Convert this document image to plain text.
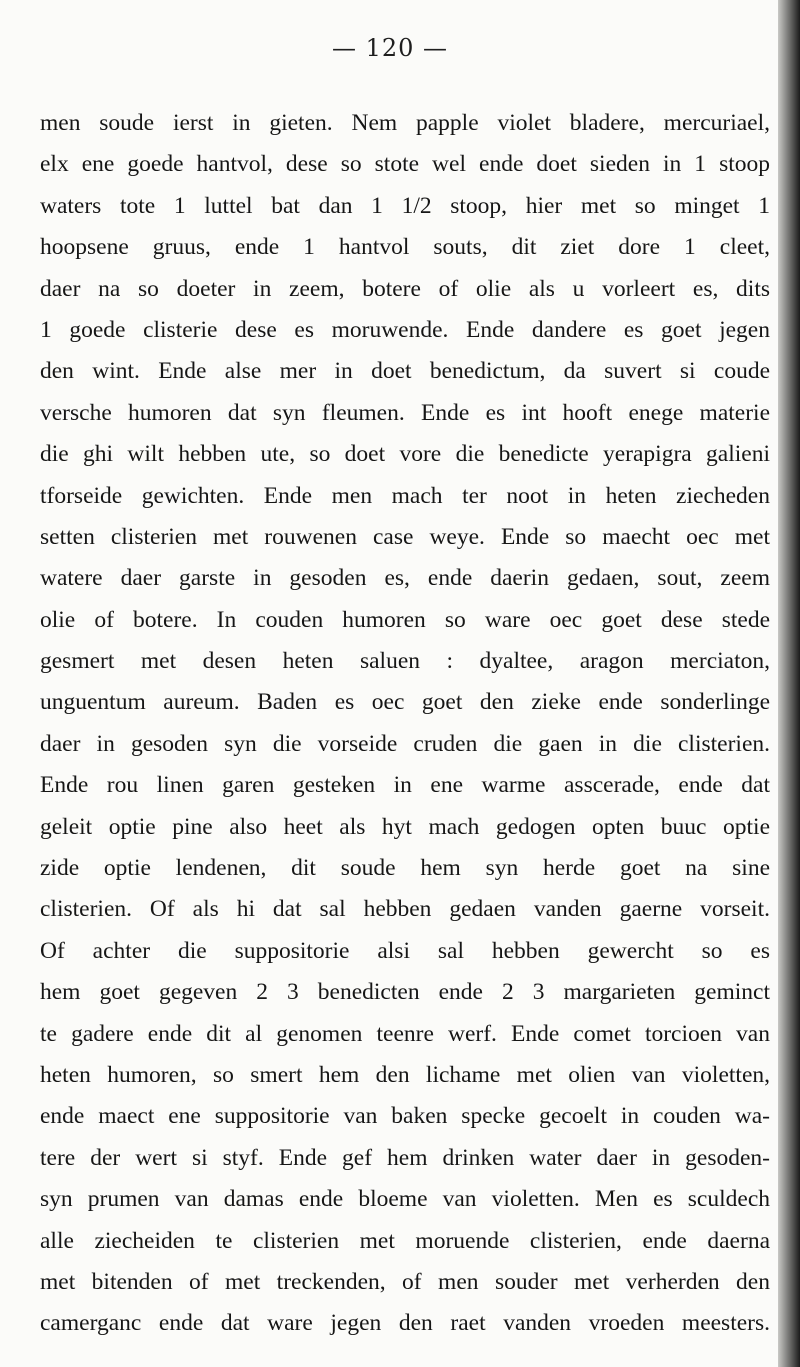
— 120 —
men soude ierst in gieten. Nem papple violet bladere, mercuriael,
elx ene goede hantvol, dese so stote wel ende doet sieden in 1 stoop
waters tote 1 luttel bat dan 1 1/2 stoop, hier met so minget 1
hoopsene gruus, ende 1 hantvol souts, dit ziet dore 1 cleet,
daer na so doeter in zeem, botere of olie als u vorleert es, dits
1 goede clisterie dese es moruwende. Ende dandere es goet jegen
den wint. Ende alse mer in doet benedictum, da suvert si coude
versche humoren dat syn fleumen. Ende es int hooft enege materie
die ghi wilt hebben ute, so doet vore die benedicte yerapigra galieni
tforseide gewichten. Ende men mach ter noot in heten ziecheden
setten clisterien met rouwenen case weye. Ende so maecht oec met
watere daer garste in gesoden es, ende daerin gedaen, sout, zeem
olie of botere. In couden humoren so ware oec goet dese stede
gesmert met desen heten saluen : dyaltee, aragon merciaton,
unguentum aureum. Baden es oec goet den zieke ende sonderlinge
daer in gesoden syn die vorseide cruden die gaen in die clisterien.
Ende rou linen garen gesteken in ene warme asscerade, ende dat
geleit optie pine also heet als hyt mach gedogen opten buuc optie
zide optie lendenen, dit soude hem syn herde goet na sine
clisterien. Of als hi dat sal hebben gedaen vanden gaerne vorseit.
Of achter die suppositorie alsi sal hebben gewercht so es
hem goet gegeven 2 3 benedicten ende 2 3 margarieten geminct
te gadere ende dit al genomen teenre werf. Ende comet torcioen van
heten humoren, so smert hem den lichame met olien van violetten,
ende maect ene suppositorie van baken specke gecoelt in couden wa-
tere der wert si styf. Ende gef hem drinken water daer in gesoden-
syn prumen van damas ende bloeme van violetten. Men es sculdech
alle ziecheiden te clisterien met moruende clisterien, ende daerna
met bitenden of met treckenden, of men souder met verherden den
camerganc ende dat ware jegen den raet vanden vroeden meesters.
